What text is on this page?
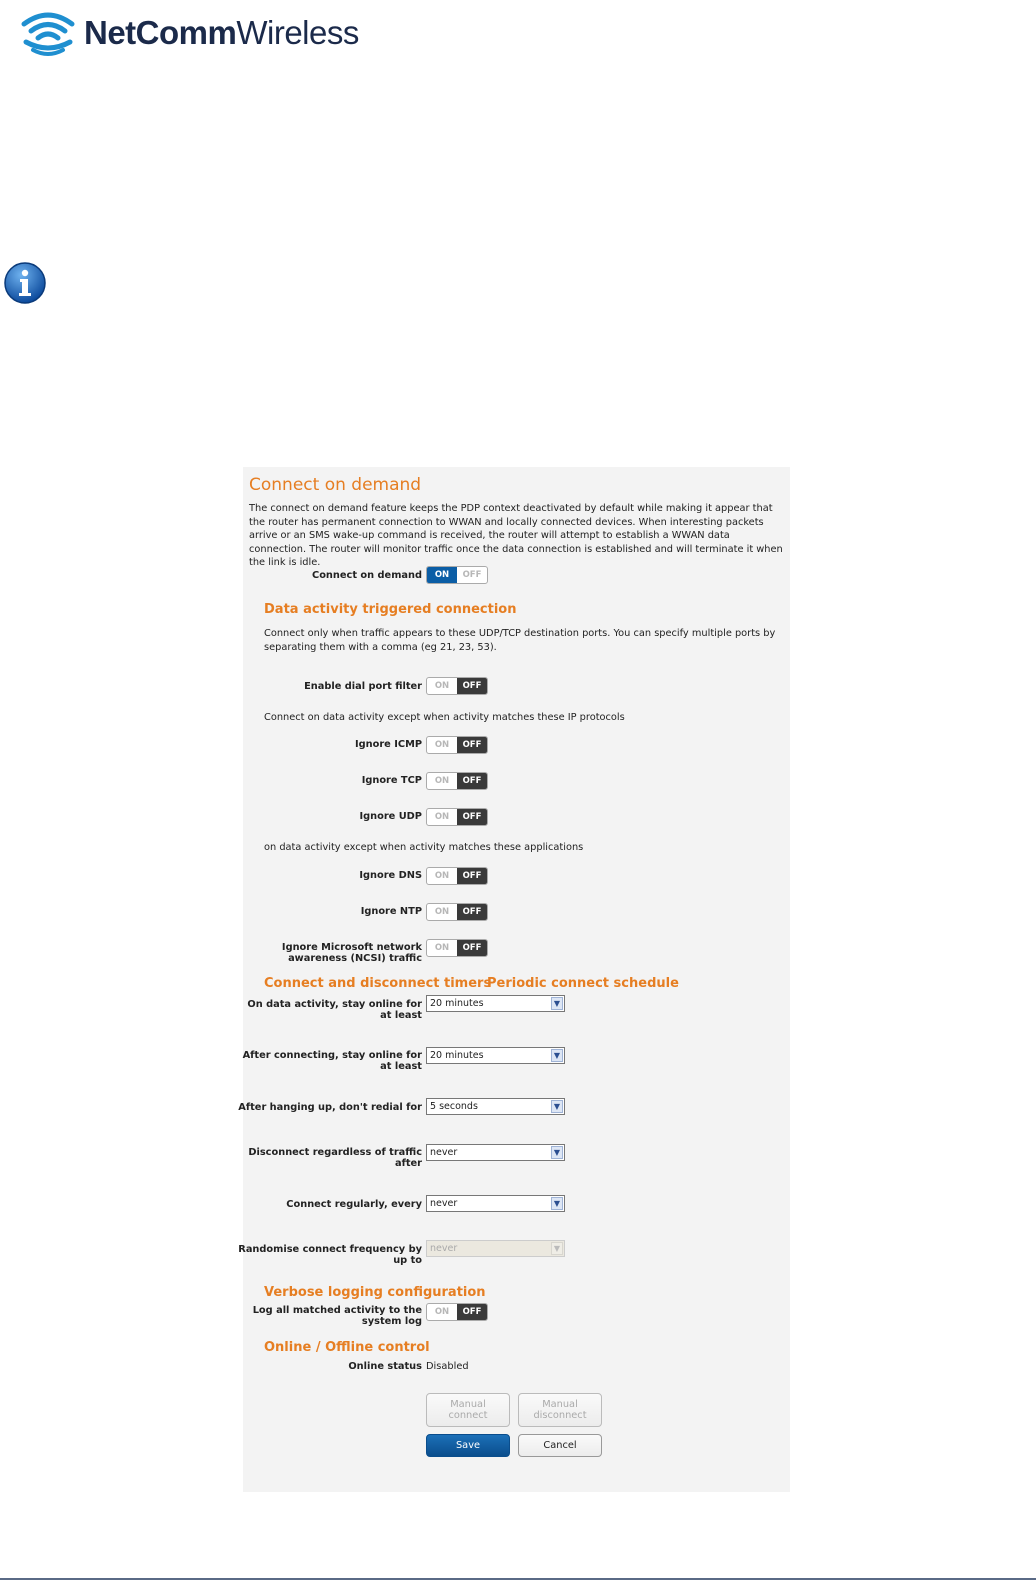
NetCommWireless
Connect on demand
The connect on demand feature keeps the PDP context deactivated by default while making it appear that the router has permanent connection to WWAN and locally connected devices. When interesting packets arrive or an SMS wake-up command is received, the router will attempt to establish a WWAN data connection. The router will monitor traffic once the data connection is established and will terminate it when the link is idle.
Connect on demand	ON	OFF
Data activity triggered connection
Connect only when traffic appears to these UDP/TCP destination ports. You can specify multiple ports by separating them with a comma (eg 21, 23, 53).
Enable dial port filter	ON	OFF
Connect on data activity except when activity matches these IP protocols
Ignore ICMP	ON	OFF
Ignore TCP	ON	OFF
Ignore UDP	ON	OFF
on data activity except when activity matches these applications
Ignore DNS	ON	OFF
Ignore NTP	ON	OFF
Ignore Microsoft network
awareness (NCSI) traffic
ON	OFF
Connect and disconnect timers
Periodic connect schedule
On data activity, stay online for
at least
20 minutes	▼
After connecting, stay online for
at least
20 minutes	▼
After hanging up, don't redial for 5 seconds	▼
Disconnect regardless of traffic
after
never	▼
Connect regularly, every never	▼
Randomise connect frequency by
up to
never	▼
Verbose logging configuration
Log all matched activity to the
system log
ON	OFF
Online / Offline control
Online status Disabled
Manual
connect
Manual
disconnect
Save	Cancel
